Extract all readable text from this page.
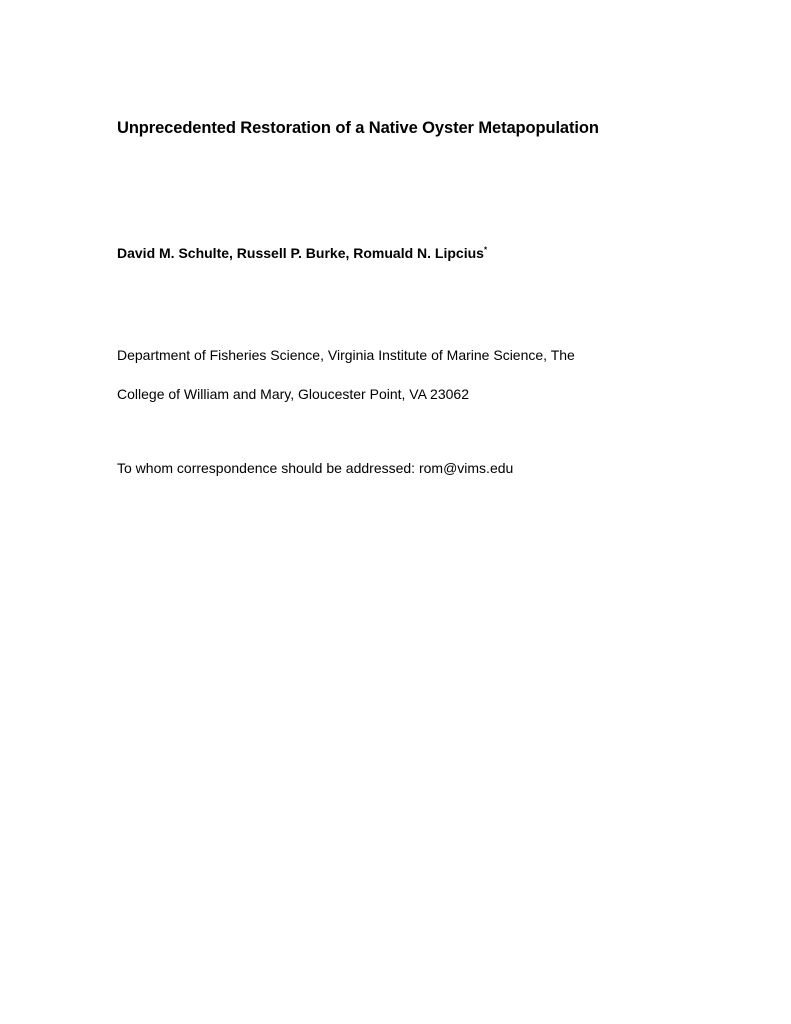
Unprecedented Restoration of a Native Oyster Metapopulation

David M. Schulte, Russell P. Burke, Romuald N. Lipcius*

Department of Fisheries Science, Virginia Institute of Marine Science, The

College of William and Mary, Gloucester Point, VA 23062

To whom correspondence should be addressed: rom@vims.edu
